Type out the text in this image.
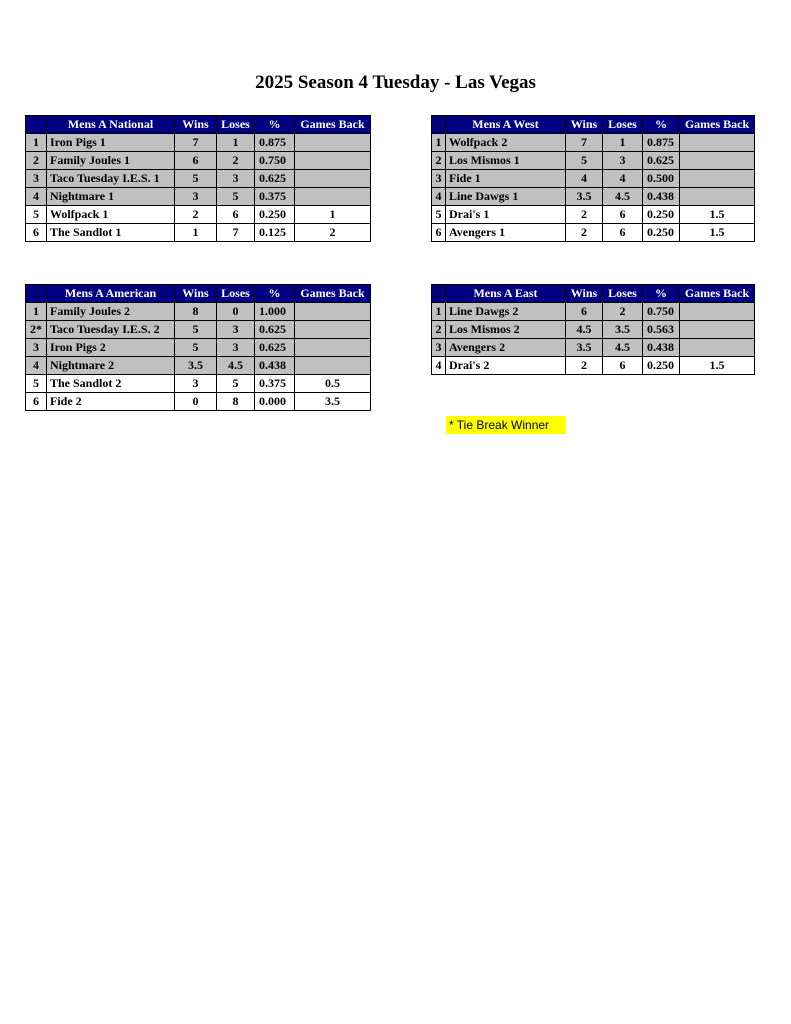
2025 Season 4 Tuesday - Las Vegas
	Mens A National	Wins	Loses	%	Games Back
1	Iron Pigs 1	7	1	0.875	
2	Family Joules 1	6	2	0.750	
3	Taco Tuesday I.E.S. 1	5	3	0.625	
4	Nightmare 1	3	5	0.375	
5	Wolfpack 1	2	6	0.250	1
6	The Sandlot 1	1	7	0.125	2
	Mens A West	Wins	Loses	%	Games Back
1	Wolfpack 2	7	1	0.875	
2	Los Mismos 1	5	3	0.625	
3	Fide 1	4	4	0.500	
4	Line Dawgs 1	3.5	4.5	0.438	
5	Drai's 1	2	6	0.250	1.5
6	Avengers 1	2	6	0.250	1.5
	Mens A American	Wins	Loses	%	Games Back
1	Family Joules 2	8	0	1.000	
2*	Taco Tuesday I.E.S. 2	5	3	0.625	
3	Iron Pigs 2	5	3	0.625	
4	Nightmare 2	3.5	4.5	0.438	
5	The Sandlot 2	3	5	0.375	0.5
6	Fide 2	0	8	0.000	3.5
	Mens A East	Wins	Loses	%	Games Back
1	Line Dawgs 2	6	2	0.750	
2	Los Mismos 2	4.5	3.5	0.563	
3	Avengers 2	3.5	4.5	0.438	
4	Drai's 2	2	6	0.250	1.5
* Tie Break Winner
